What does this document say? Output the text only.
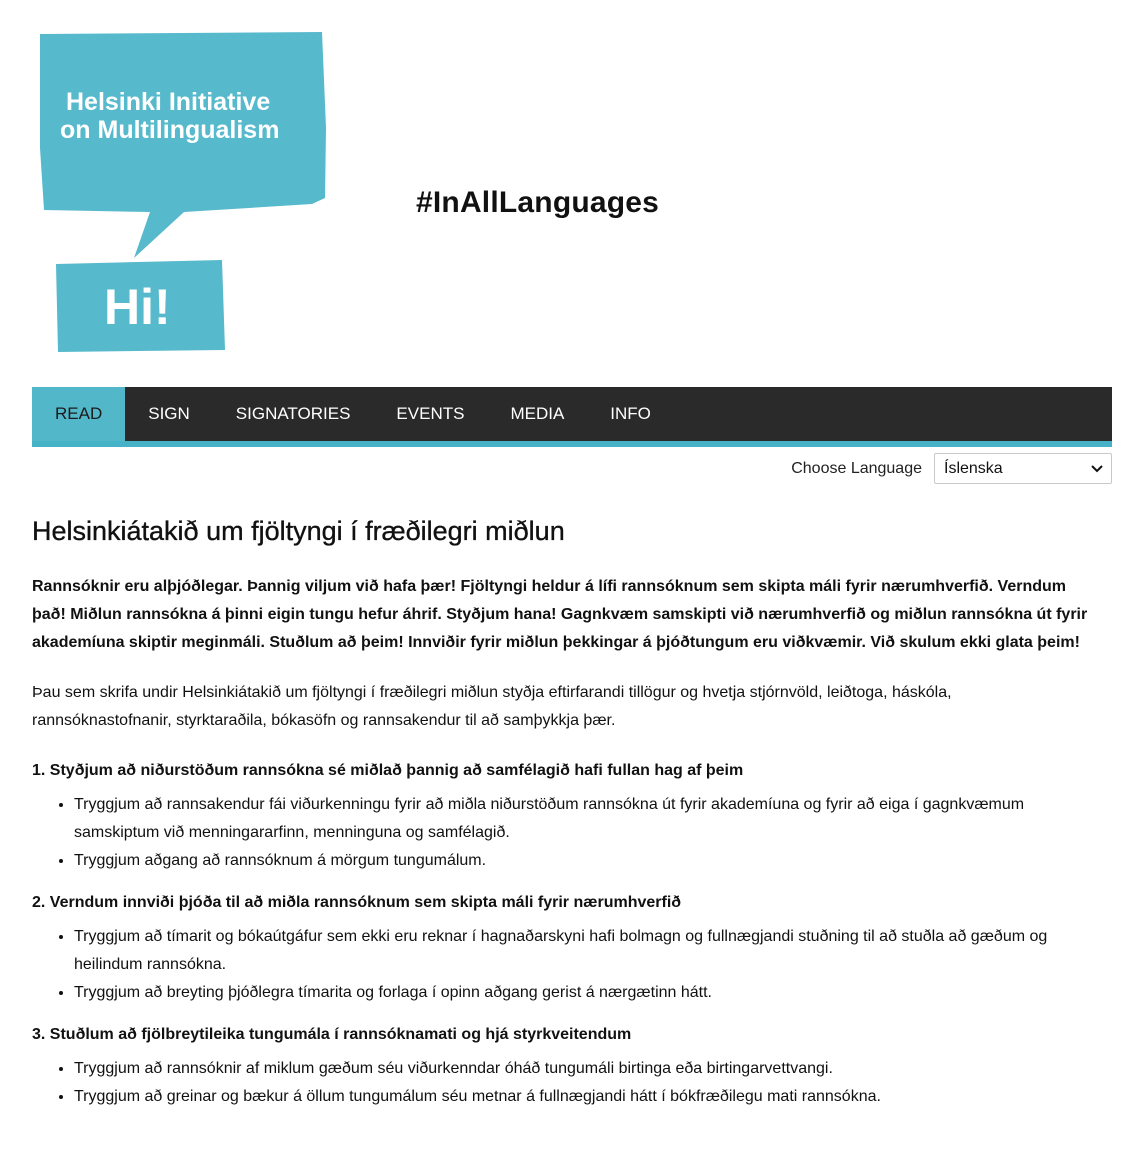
Helsinki Initiative
on Multilingualism
Hi!
#InAllLanguages
READ	SIGN	SIGNATORIES	EVENTS	MEDIA	INFO
Choose Language Íslenska
Helsinkiátakið um fjöltyngi í fræðilegri miðlun

Rannsóknir eru alþjóðlegar. Þannig viljum við hafa þær! Fjöltyngi heldur á lífi rannsóknum sem skipta máli fyrir nærumhverfið. Verndum það! Miðlun rannsókna á þinni eigin tungu hefur áhrif. Styðjum hana! Gagnkvæm samskipti við nærumhverfið og miðlun rannsókna út fyrir akademíuna skiptir meginmáli. Stuðlum að þeim! Innviðir fyrir miðlun þekkingar á þjóðtungum eru viðkvæmir. Við skulum ekki glata þeim!

Þau sem skrifa undir Helsinkiátakið um fjöltyngi í fræðilegri miðlun styðja eftirfarandi tillögur og hvetja stjórnvöld, leiðtoga, háskóla, rannsóknastofnanir, styrktaraðila, bókasöfn og rannsakendur til að samþykkja þær.

1. Styðjum að niðurstöðum rannsókna sé miðlað þannig að samfélagið hafi fullan hag af þeim
• Tryggjum að rannsakendur fái viðurkenningu fyrir að miðla niðurstöðum rannsókna út fyrir akademíuna og fyrir að eiga í gagnkvæmum samskiptum við menningararfinn, menninguna og samfélagið.
• Tryggjum aðgang að rannsóknum á mörgum tungumálum.
2. Verndum innviði þjóða til að miðla rannsóknum sem skipta máli fyrir nærumhverfið
• Tryggjum að tímarit og bókaútgáfur sem ekki eru reknar í hagnaðarskyni hafi bolmagn og fullnægjandi stuðning til að stuðla að gæðum og heilindum rannsókna.
• Tryggjum að breyting þjóðlegra tímarita og forlaga í opinn aðgang gerist á nærgætinn hátt.
3. Stuðlum að fjölbreytileika tungumála í rannsóknamati og hjá styrkveitendum
• Tryggjum að rannsóknir af miklum gæðum séu viðurkenndar óháð tungumáli birtinga eða birtingarvettvangi.
• Tryggjum að greinar og bækur á öllum tungumálum séu metnar á fullnægjandi hátt í bókfræðilegu mati rannsókna.
